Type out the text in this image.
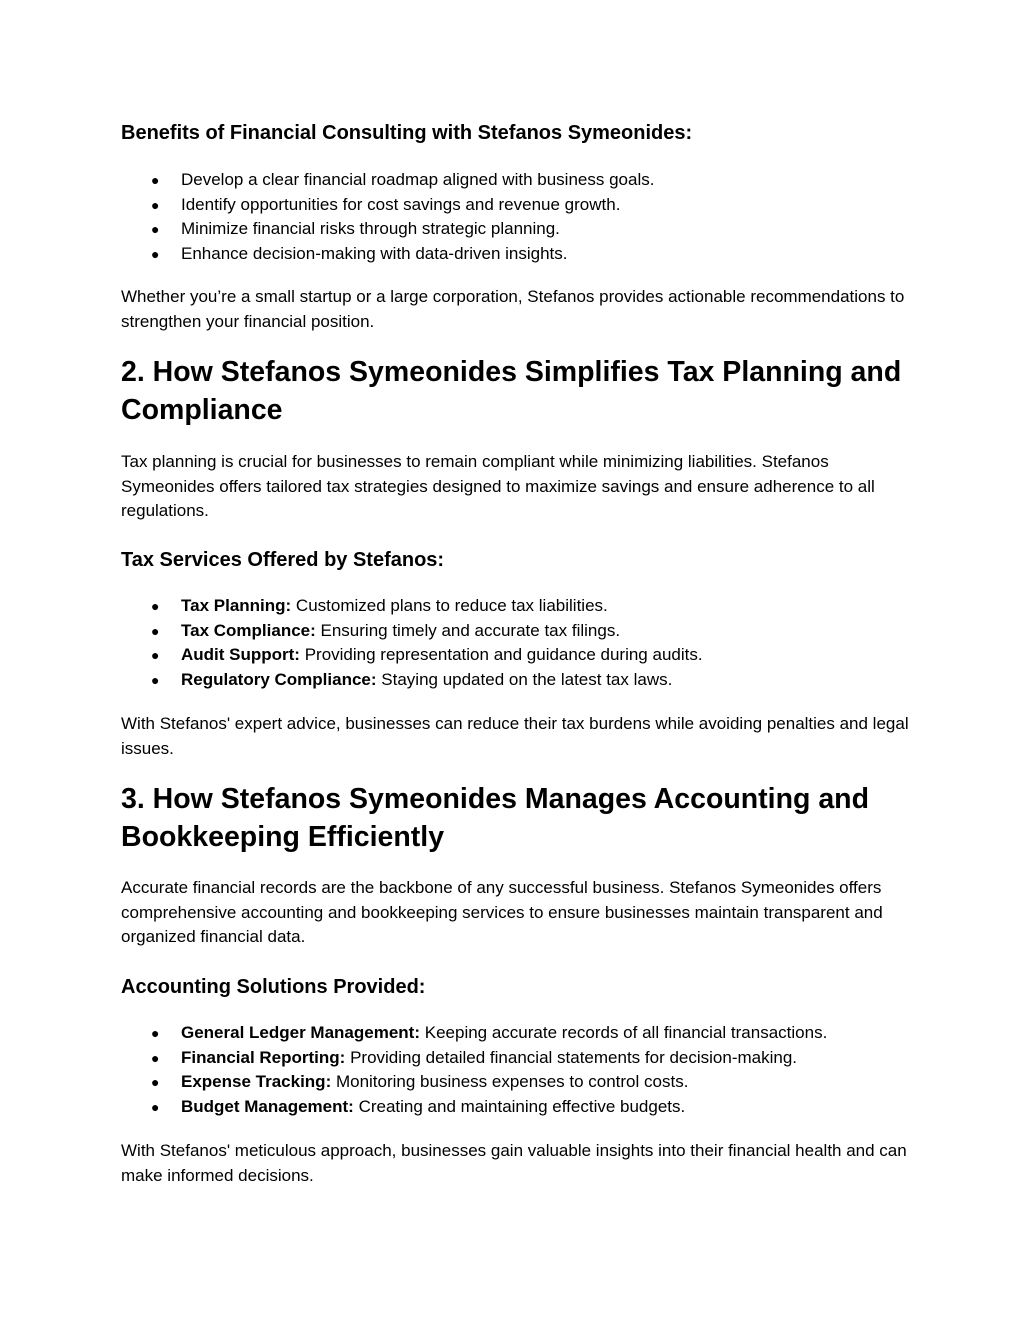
Benefits of Financial Consulting with Stefanos Symeonides:
● Develop a clear financial roadmap aligned with business goals.
● Identify opportunities for cost savings and revenue growth.
● Minimize financial risks through strategic planning.
● Enhance decision-making with data-driven insights.

Whether you’re a small startup or a large corporation, Stefanos provides actionable recommendations to strengthen your financial position.

2. How Stefanos Symeonides Simplifies Tax Planning and Compliance

Tax planning is crucial for businesses to remain compliant while minimizing liabilities. Stefanos Symeonides offers tailored tax strategies designed to maximize savings and ensure adherence to all regulations.

Tax Services Offered by Stefanos:
● Tax Planning: Customized plans to reduce tax liabilities.
● Tax Compliance: Ensuring timely and accurate tax filings.
● Audit Support: Providing representation and guidance during audits.
● Regulatory Compliance: Staying updated on the latest tax laws.

With Stefanos' expert advice, businesses can reduce their tax burdens while avoiding penalties and legal issues.

3. How Stefanos Symeonides Manages Accounting and Bookkeeping Efficiently

Accurate financial records are the backbone of any successful business. Stefanos Symeonides offers comprehensive accounting and bookkeeping services to ensure businesses maintain transparent and organized financial data.

Accounting Solutions Provided:
● General Ledger Management: Keeping accurate records of all financial transactions.
● Financial Reporting: Providing detailed financial statements for decision-making.
● Expense Tracking: Monitoring business expenses to control costs.
● Budget Management: Creating and maintaining effective budgets.

With Stefanos' meticulous approach, businesses gain valuable insights into their financial health and can make informed decisions.
